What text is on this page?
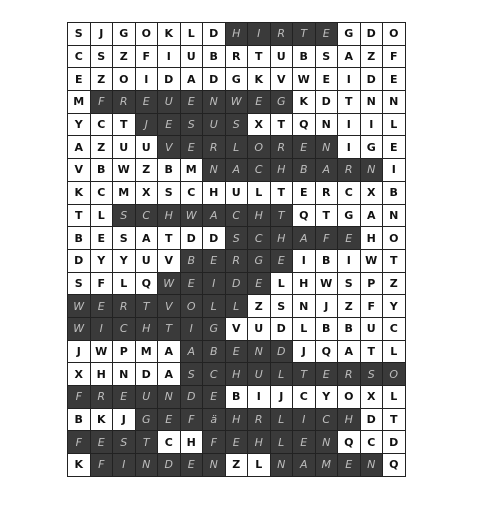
S	J	G	O	K	L	D	H	I	R	T	E	G	D	O
C	S	Z	F	I	U	B	R	T	U	B	S	A	Z	F
E	Z	O	I	D	A	D	G	K	V	W	E	I	D	E
M	F	R	E	U	E	N	W	E	G	K	D	T	N	N
Y	C	T	J	E	S	U	S	X	T	Q	N	I	I	L
A	Z	U	U	V	E	R	L	O	R	E	N	I	G	E
V	B	W	Z	B	M	N	A	C	H	B	A	R	N	I
K	C	M	X	S	C	H	U	L	T	E	R	C	X	B
T	L	S	C	H	W	A	C	H	T	Q	T	G	A	N
B	E	S	A	T	D	D	S	C	H	A	F	E	H	O
D	Y	Y	U	V	B	E	R	G	E	I	B	I	W	T
S	F	L	Q	W	E	I	D	E	L	H	W	S	P	Z
W	E	R	T	V	O	L	L	Z	S	N	J	Z	F	Y
W	I	C	H	T	I	G	V	U	D	L	B	B	U	C
J	W	P	M	A	A	B	E	N	D	J	Q	A	T	L
X	H	N	D	A	S	C	H	U	L	T	E	R	S	O
F	R	E	U	N	D	E	B	I	J	C	Y	O	X	L
B	K	J	G	E	F	ä	H	R	L	I	C	H	D	T
F	E	S	T	C	H	F	E	H	L	E	N	Q	C	D
K	F	I	N	D	E	N	Z	L	N	A	M	E	N	Q
